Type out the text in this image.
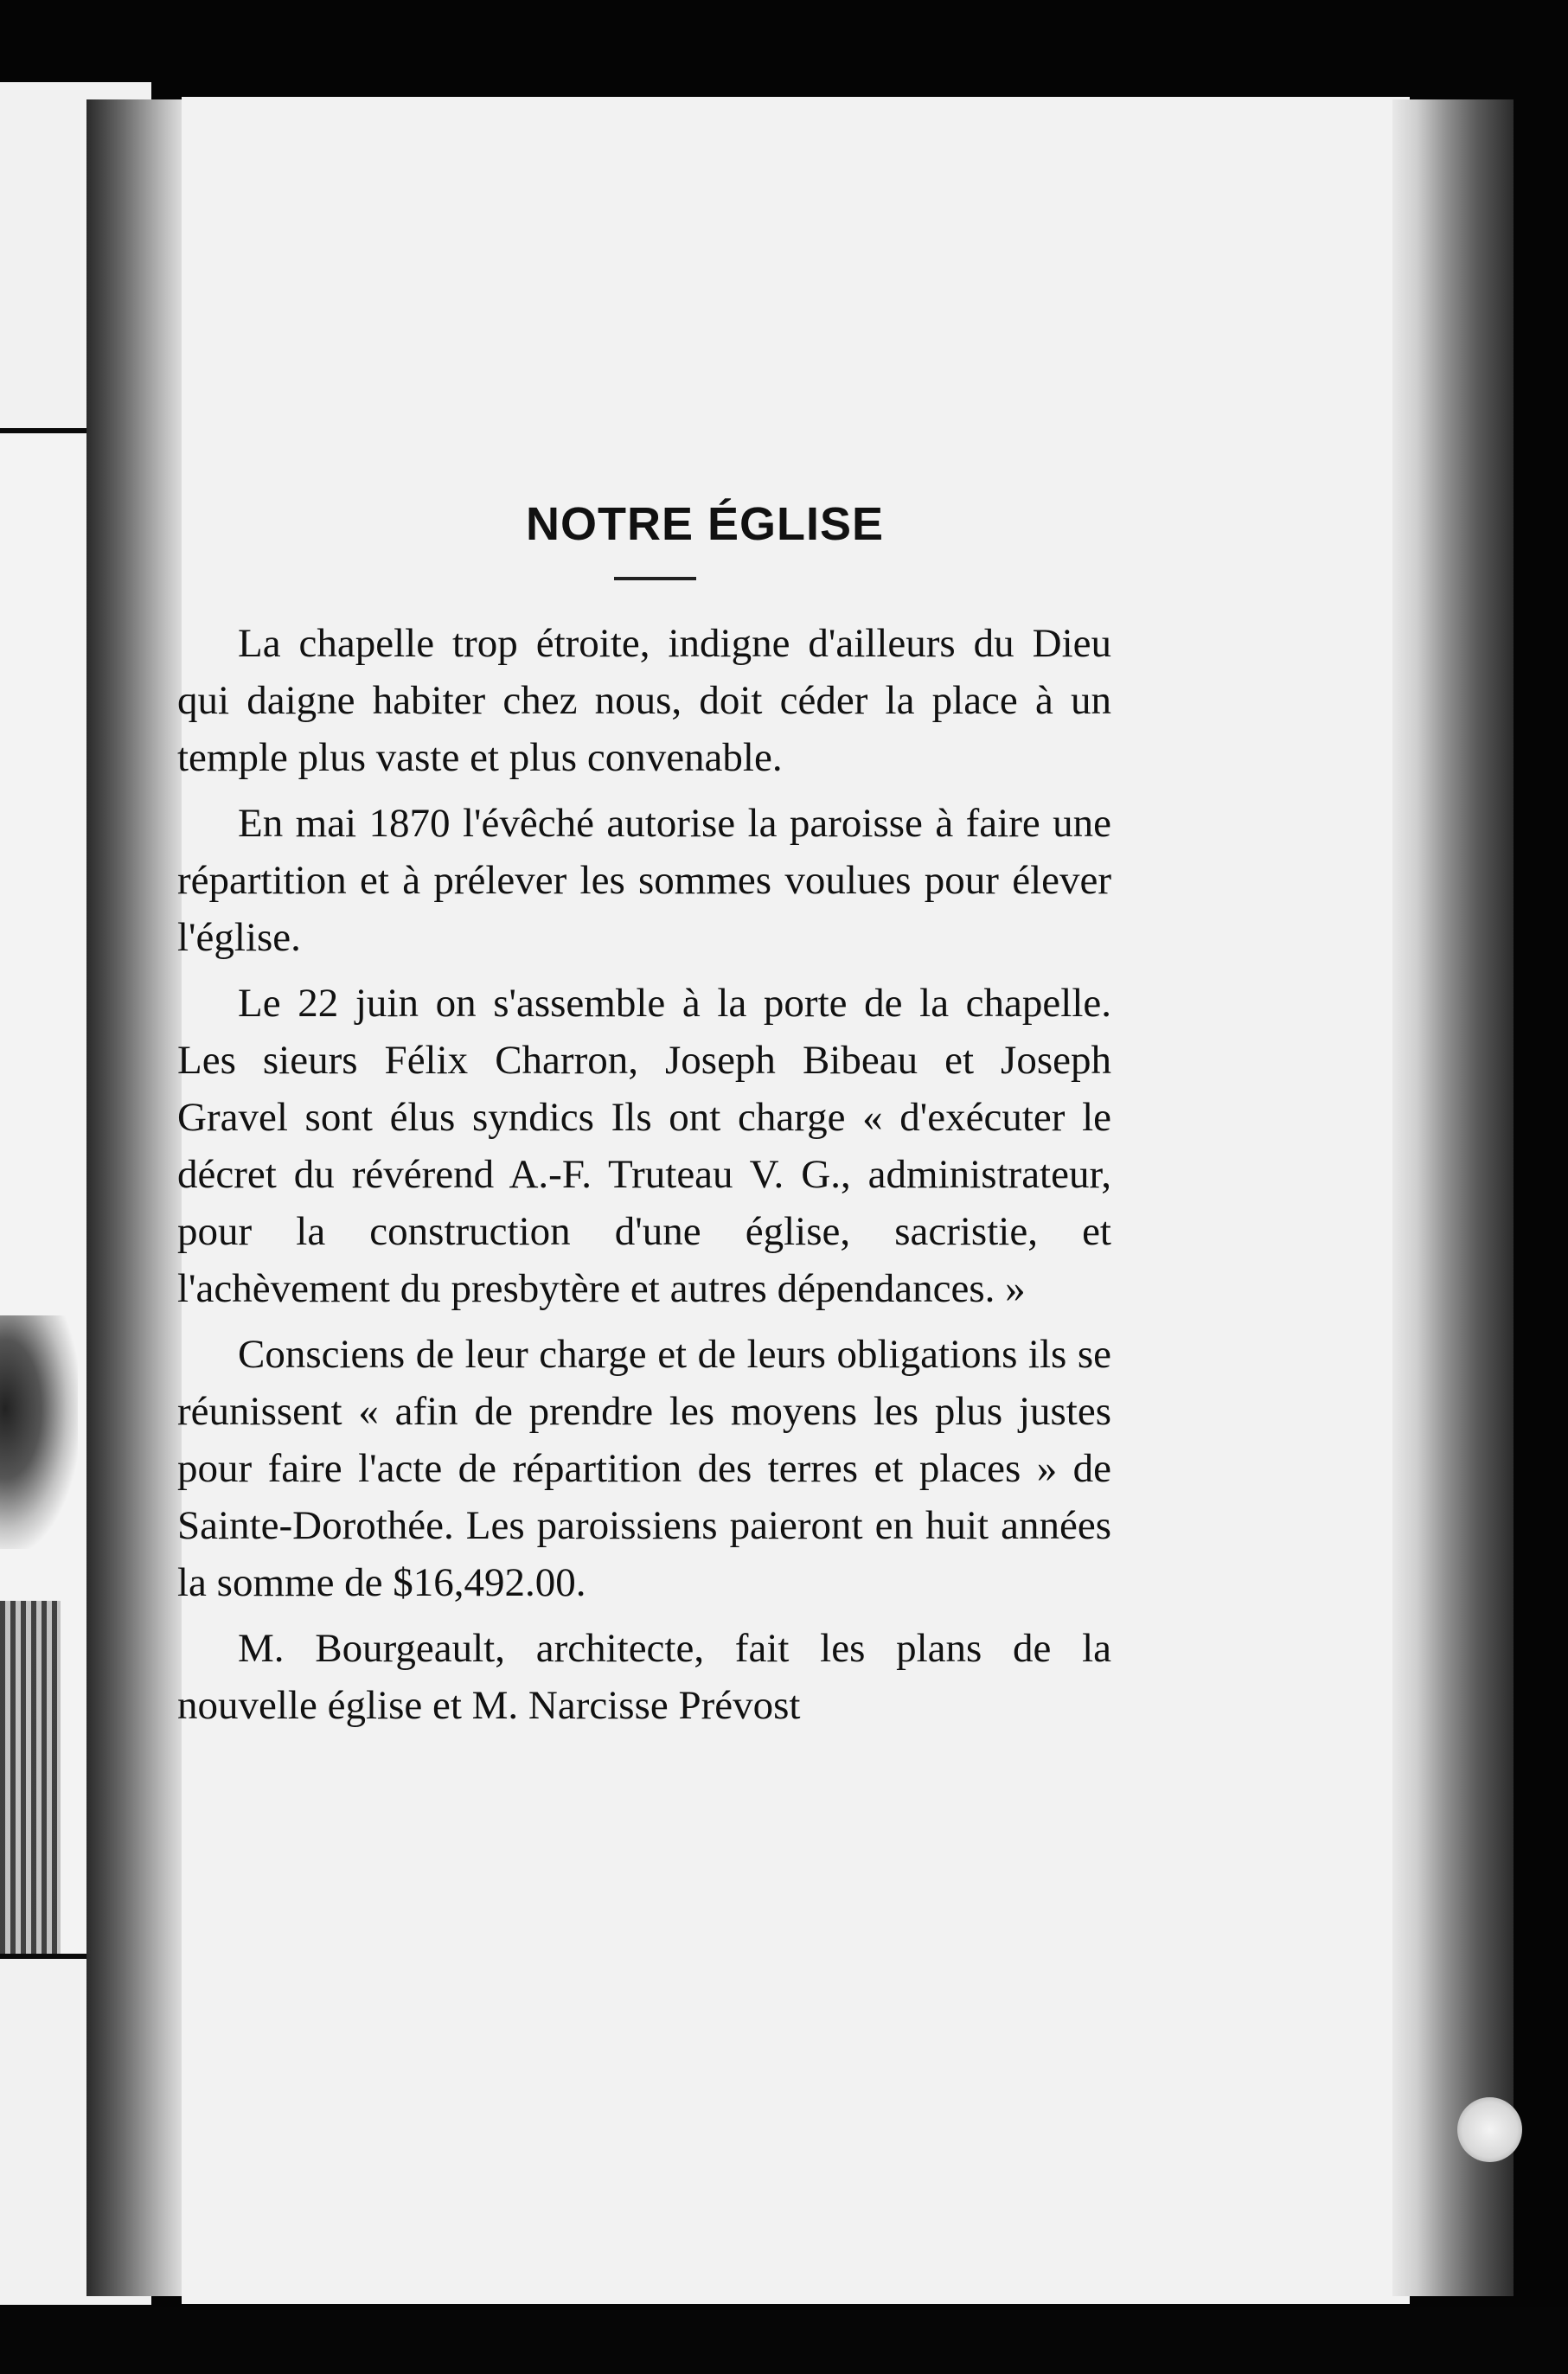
NOTRE ÉGLISE

La chapelle trop étroite, indigne d'ailleurs du Dieu qui daigne habiter chez nous, doit céder la place à un temple plus vaste et plus convenable.

En mai 1870 l'évêché autorise la paroisse à faire une répartition et à prélever les sommes voulues pour élever l'église.

Le 22 juin on s'assemble à la porte de la chapelle. Les sieurs Félix Charron, Joseph Bibeau et Joseph Gravel sont élus syndics Ils ont charge « d'exécuter le décret du révérend A.-F. Truteau V. G., administrateur, pour la construction d'une église, sacristie, et l'achèvement du presbytère et autres dépendances. »

Consciens de leur charge et de leurs obligations ils se réunissent « afin de prendre les moyens les plus justes pour faire l'acte de répartition des terres et places » de Sainte-Dorothée. Les paroissiens paieront en huit années la somme de $16,492.00.

M. Bourgeault, architecte, fait les plans de la nouvelle église et M. Narcisse Prévost
